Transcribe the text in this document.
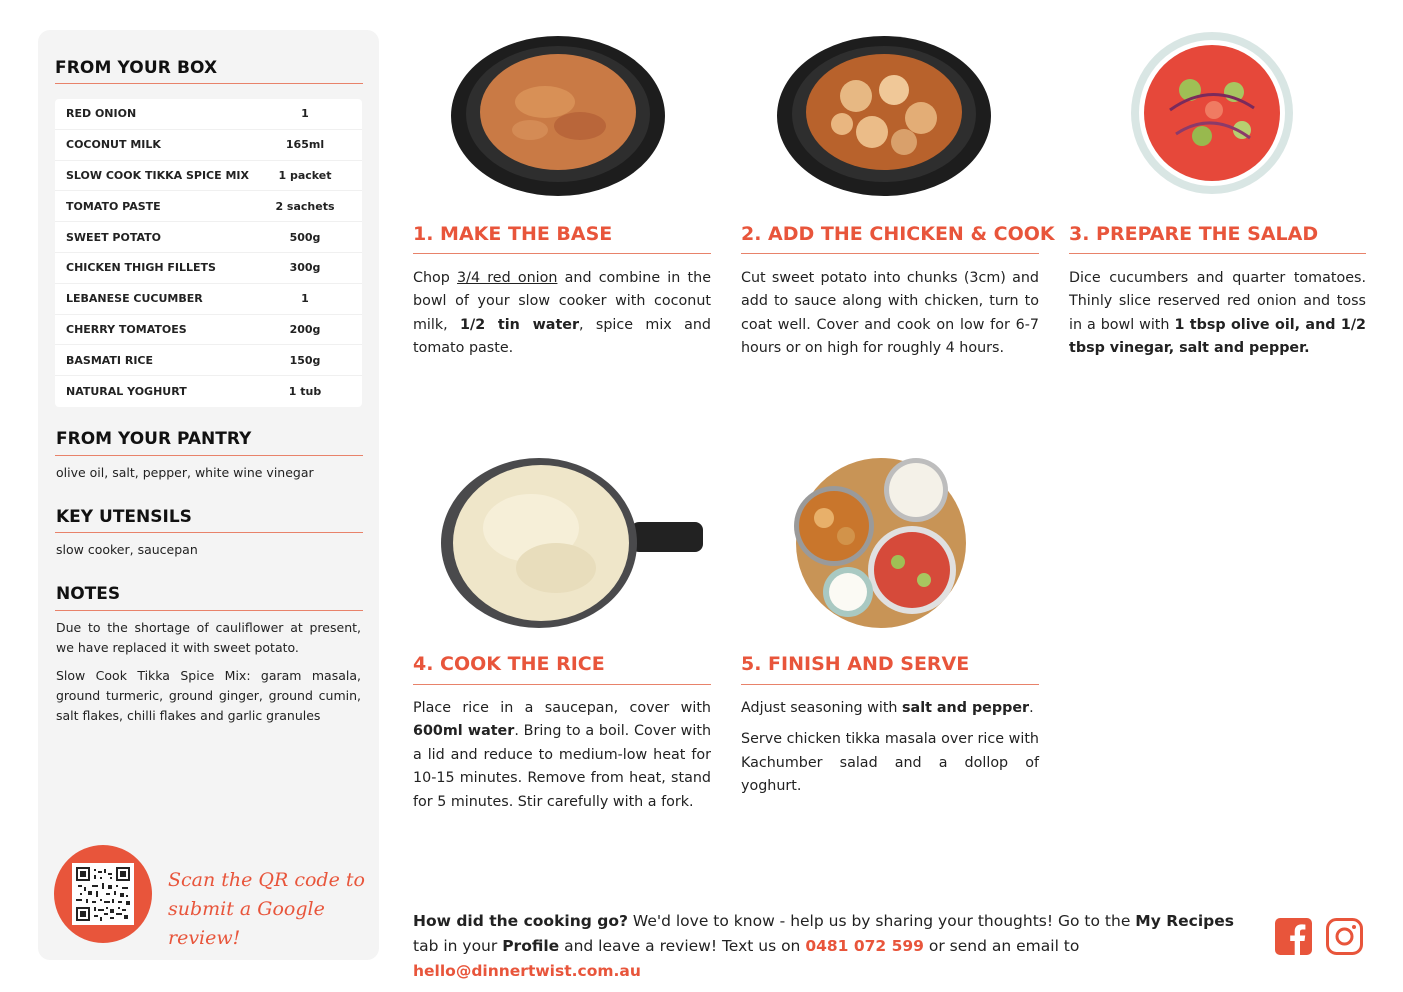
FROM YOUR BOX
RED ONION	1
COCONUT MILK	165ml
SLOW COOK TIKKA SPICE MIX	1 packet
TOMATO PASTE	2 sachets
SWEET POTATO	500g
CHICKEN THIGH FILLETS	300g
LEBANESE CUCUMBER	1
CHERRY TOMATOES	200g
BASMATI RICE	150g
NATURAL YOGHURT	1 tub
FROM YOUR PANTRY
olive oil, salt, pepper, white wine vinegar
KEY UTENSILS
slow cooker, saucepan
NOTES

Due to the shortage of cauliflower at present, we have replaced it with sweet potato.

Slow Cook Tikka Spice Mix: garam masala, ground turmeric, ground ginger, ground cumin, salt flakes, chilli flakes and garlic granules

Scan the QR code to
submit a Google review!
1. MAKE THE BASE
Chop 3/4 red onion and combine in the bowl of your slow cooker with coconut milk, 1/2 tin water, spice mix and tomato paste.
2. ADD THE CHICKEN & COOK
Cut sweet potato into chunks (3cm) and add to sauce along with chicken, turn to coat well. Cover and cook on low for 6-7 hours or on high for roughly 4 hours.
3. PREPARE THE SALAD
Dice cucumbers and quarter tomatoes. Thinly slice reserved red onion and toss in a bowl with 1 tbsp olive oil, and 1/2 tbsp vinegar, salt and pepper.
4. COOK THE RICE
Place rice in a saucepan, cover with 600ml water. Bring to a boil. Cover with a lid and reduce to medium-low heat for 10-15 minutes. Remove from heat, stand for 5 minutes. Stir carefully with a fork.
5. FINISH AND SERVE

Adjust seasoning with salt and pepper.

Serve chicken tikka masala over rice with Kachumber salad and a dollop of yoghurt.

How did the cooking go? We'd love to know - help us by sharing your thoughts! Go to the My Recipes tab in your Profile and leave a review! Text us on 0481 072 599 or send an email to hello@dinnertwist.com.au
